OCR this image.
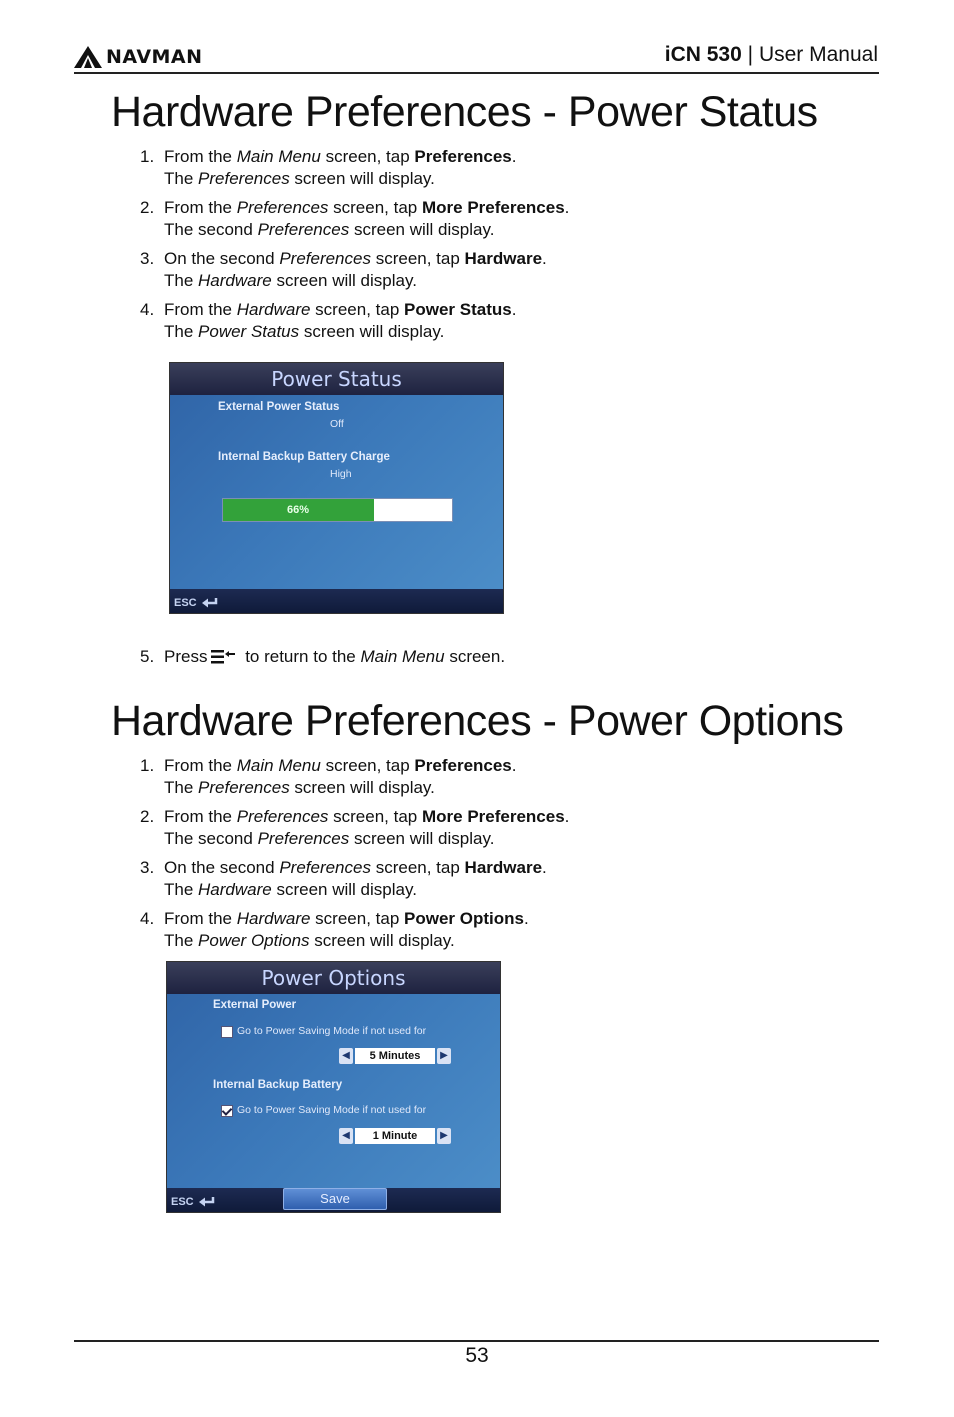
NAVMAN	iCN 530 | User Manual
Hardware Preferences - Power Status
1. From the Main Menu screen, tap Preferences.
The Preferences screen will display.
2. From the Preferences screen, tap More Preferences.
The second Preferences screen will display.
3. On the second Preferences screen, tap Hardware.
The Hardware screen will display.
4. From the Hardware screen, tap Power Status.
The Power Status screen will display.
Power Status
External Power Status
Off
Internal Backup Battery Charge
High
66%
ESC
5. Press to return to the Main Menu screen.
Hardware Preferences - Power Options
1. From the Main Menu screen, tap Preferences.
The Preferences screen will display.
2. From the Preferences screen, tap More Preferences.
The second Preferences screen will display.
3. On the second Preferences screen, tap Hardware.
The Hardware screen will display.
4. From the Hardware screen, tap Power Options.
The Power Options screen will display.
Power Options
External Power
Go to Power Saving Mode if not used for
◀	5 Minutes	▶
Internal Backup Battery
Go to Power Saving Mode if not used for
◀	1 Minute	▶
ESC	Save
53
